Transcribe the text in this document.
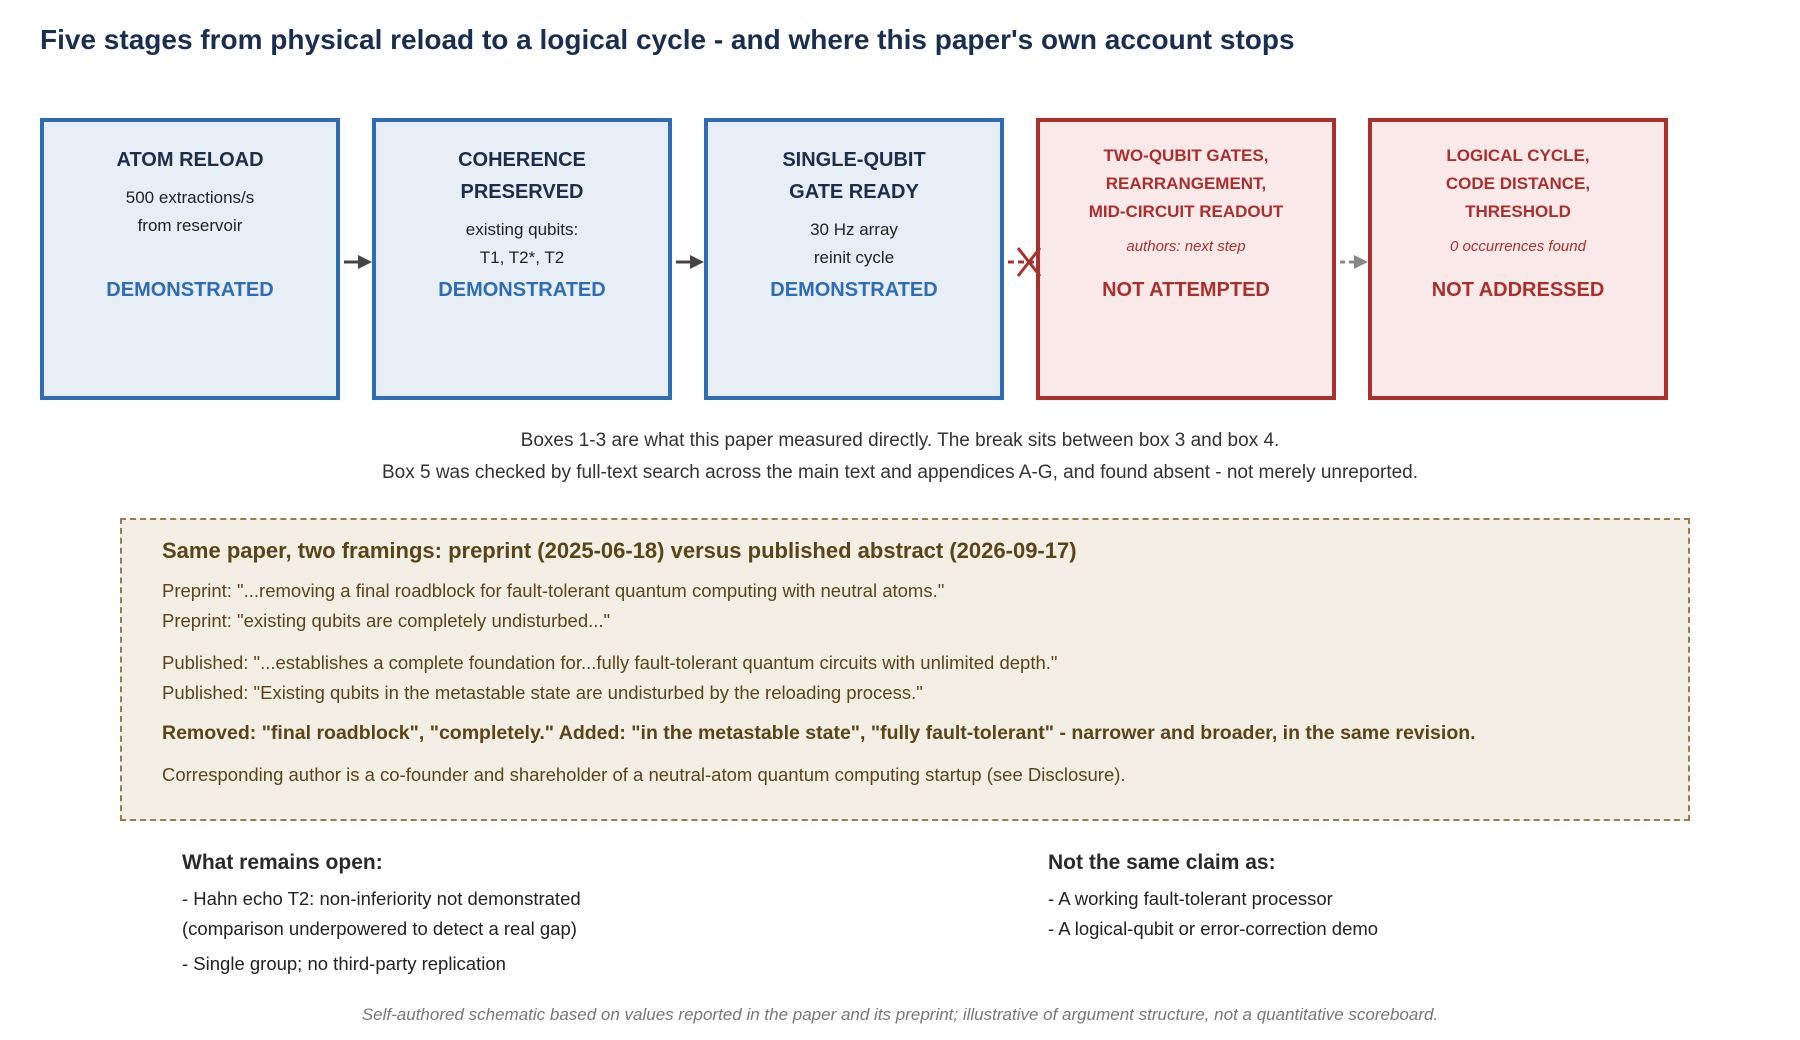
Five stages from physical reload to a logical cycle - and where this paper's own account stops
ATOM RELOAD
500 extractions/s
from reservoir
DEMONSTRATED
COHERENCE
PRESERVED
existing qubits:
T1, T2*, T2
DEMONSTRATED
SINGLE-QUBIT
GATE READY
30 Hz array
reinit cycle
DEMONSTRATED
TWO-QUBIT GATES,
REARRANGEMENT,
MID-CIRCUIT READOUT
authors: next step
NOT ATTEMPTED
LOGICAL CYCLE,
CODE DISTANCE,
THRESHOLD
0 occurrences found
NOT ADDRESSED
Boxes 1-3 are what this paper measured directly. The break sits between box 3 and box 4.
Box 5 was checked by full-text search across the main text and appendices A-G, and found absent - not merely unreported.
Same paper, two framings: preprint (2025-06-18) versus published abstract (2026-09-17)
Preprint: "...removing a final roadblock for fault-tolerant quantum computing with neutral atoms."
Preprint: "existing qubits are completely undisturbed..."
Published: "...establishes a complete foundation for...fully fault-tolerant quantum circuits with unlimited depth."
Published: "Existing qubits in the metastable state are undisturbed by the reloading process."
Removed: "final roadblock", "completely." Added: "in the metastable state", "fully fault-tolerant" - narrower and broader, in the same revision.
Corresponding author is a co-founder and shareholder of a neutral-atom quantum computing startup (see Disclosure).
What remains open:
- Hahn echo T2: non-inferiority not demonstrated
(comparison underpowered to detect a real gap)
- Single group; no third-party replication
Not the same claim as:
- A working fault-tolerant processor
- A logical-qubit or error-correction demo
Self-authored schematic based on values reported in the paper and its preprint; illustrative of argument structure, not a quantitative scoreboard.
